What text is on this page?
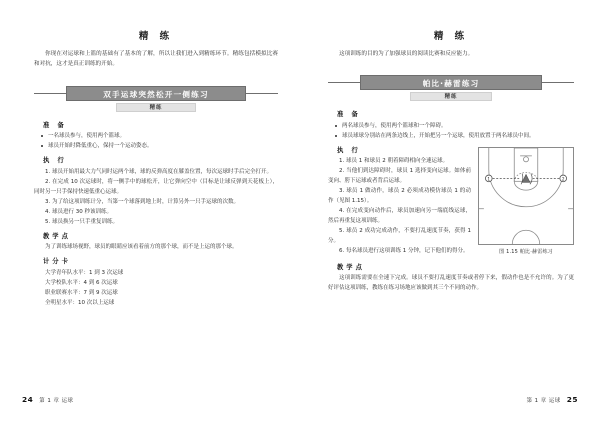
精 练

你现在对运球和上篮的基础有了基本的了解，所以让我们进入到精练环节。精练包括模拟比赛和对抗，这才是真正训练的开始。

双手运球突然松开一侧练习
精练
准 备
一名球员参与，使用两个篮球。
球员开始时降低重心，保持一个运动姿态。
执 行
1. 球员开始用最大力气同时运两个球，球的反弹高度在膝盖位置，每次运球时手后完全打开。
2. 在完成 10 次运球时，将一侧手中的球松开，让它弹向空中（目标是让球反弹到天花板上），同时另一只手保持快速低重心运球。
3. 为了给这项训练计分，当第一个球落到地上时，计算另外一只手运球的次数。
4. 球员进行 30 秒该训练。
5. 球员换另一只手重复训练。
教学点

为了训练球场视野，球员的眼睛应该看着前方的那个球，而不是上运的那个球。

计分卡
大学青年队水平：1 到 3 次运球
大学校队水平：4 到 6 次运球
职业联赛水平：7 到 9 次运球
全明星水平：10 次以上运球
24 第 1 章 运球
精 练

这项训练的目的为了加强球员的阅读比赛和反应能力。

帕比·赫雷练习
精练
准 备
两名球员参与，使用两个篮球和一个障碍。
球员球球分别站在两条边线上，开始把另一个运球，使用放置于两名球员中间。
1	2
图 1.15 帕比·赫雷练习
执 行
1. 球员 1 和球员 2 朝着障碍相向全速运球。
2. 当他们到达障碍时，球员 1 选择变向运球。如体前变向、胯下运球或者背后运球。
3. 球员 1 做动作，球员 2 必须成功模仿球员 1 的动作（见图 1.15）。
4. 在完成变向动作后，球员加速向另一端底线运球，然后再重复这项训练。
5. 球员 2 成功完成动作，不要打乱速度节奏，获得 1 分。
6. 每名球员进行这项训练 1 分钟，记下他们的得分。
教学点

这项训练需要在全速下完成。球员不要打乱速度节奏或者停下来，假动作也是不允许的。为了更好评估这项训练，教练在练习场地应该做到其三个不同的动作。

第 1 章 运球 25
